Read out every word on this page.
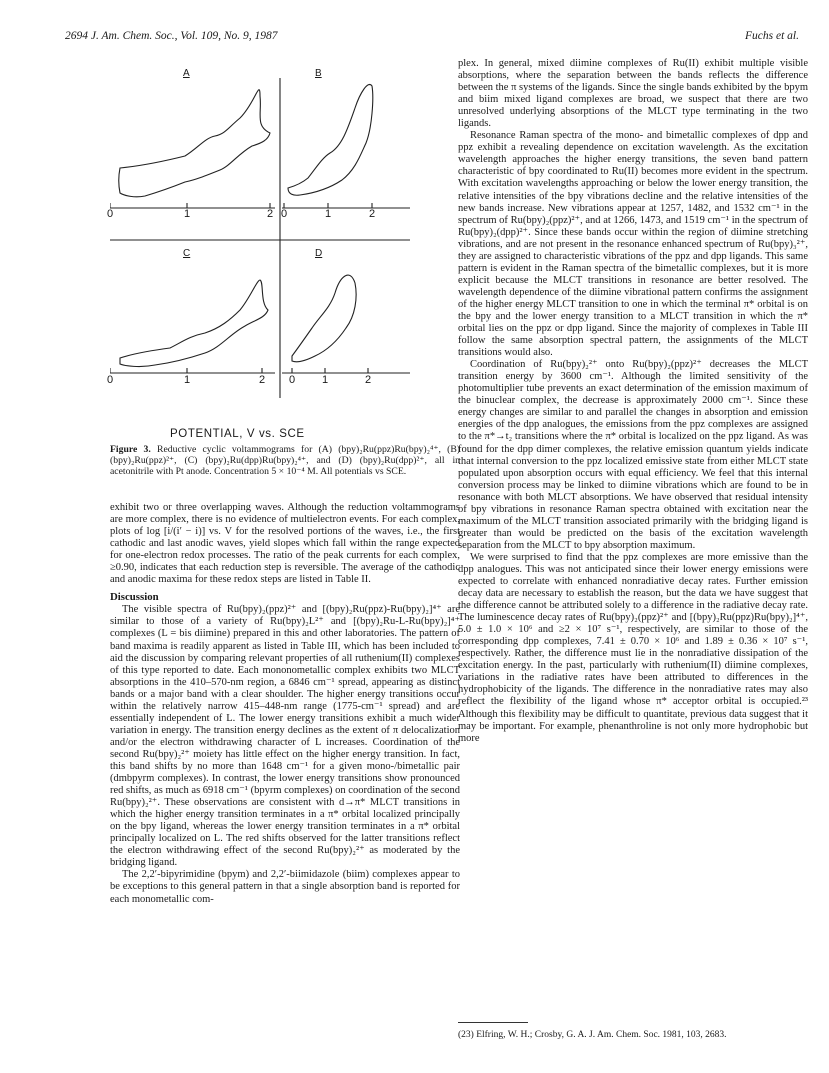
2694 J. Am. Chem. Soc., Vol. 109, No. 9, 1987	Fuchs et al.
A	B
C	D
0	1	2 0	1	2
0	1	2 0 1	2
POTENTIAL, V vs. SCE
Figure 3. Reductive cyclic voltammograms for (A) (bpy)₂Ru(ppz)Ru(bpy)₂⁴⁺, (B) (bpy)₂Ru(ppz)²⁺, (C) (bpy)₂Ru(dpp)Ru(bpy)₂⁴⁺, and (D) (bpy)₂Ru(dpp)²⁺, all in acetonitrile with Pt anode. Concentration 5 × 10⁻⁴ M. All potentials vs SCE.

exhibit two or three overlapping waves. Although the reduction voltammograms are more complex, there is no evidence of multielectron events. For each complex, plots of log [i/(i′ − i)] vs. V for the resolved portions of the waves, i.e., the first cathodic and last anodic waves, yield slopes which fall within the range expected for one-electron redox processes. The ratio of the peak currents for each complex, ≥0.90, indicates that each reduction step is reversible. The average of the cathodic and anodic maxima for these redox steps are listed in Table II.

Discussion

The visible spectra of Ru(bpy)₂(ppz)²⁺ and [(bpy)₂Ru(ppz)-Ru(bpy)₂]⁴⁺ are similar to those of a variety of Ru(bpy)₂L²⁺ and [(bpy)₂Ru-L-Ru(bpy)₂]⁴⁺ complexes (L = bis diimine) prepared in this and other laboratories. The pattern of band maxima is readily apparent as listed in Table III, which has been included to aid the discussion by comparing relevant properties of all ruthenium(II) complexes of this type reported to date. Each mononometallic complex exhibits two MLCT absorptions in the 410–570-nm region, a 6846 cm⁻¹ spread, appearing as distinct bands or a major band with a clear shoulder. The higher energy transitions occur within the relatively narrow 415–448-nm range (1775-cm⁻¹ spread) and are essentially independent of L. The lower energy transitions exhibit a much wider variation in energy. The transition energy declines as the extent of π delocalization and/or the electron withdrawing character of L increases. Coordination of the second Ru(bpy)₂²⁺ moiety has little effect on the higher energy transition. In fact, this band shifts by no more than 1648 cm⁻¹ for a given mono-/bimetallic pair (dmbpyrm complexes). In contrast, the lower energy transitions show pronounced red shifts, as much as 6918 cm⁻¹ (bpyrm complexes) on coordination of the second Ru(bpy)₂²⁺. These observations are consistent with d→π* MLCT transitions in which the higher energy transition terminates in a π* orbital localized principally on the bpy ligand, whereas the lower energy transition terminates in a π* orbital principally localized on L. The red shifts observed for the latter transitions reflect the electron withdrawing effect of the second Ru(bpy)₂²⁺ as moderated by the bridging ligand.

The 2,2′-bipyrimidine (bpym) and 2,2′-biimidazole (biim) complexes appear to be exceptions to this general pattern in that a single absorption band is reported for each monometallic com-

plex. In general, mixed diimine complexes of Ru(II) exhibit multiple visible absorptions, where the separation between the bands reflects the difference between the π systems of the ligands. Since the single bands exhibited by the bpym and biim mixed ligand complexes are broad, we suspect that there are two unresolved underlying absorptions of the MLCT type terminating in the two ligands.

Resonance Raman spectra of the mono- and bimetallic complexes of dpp and ppz exhibit a revealing dependence on excitation wavelength. As the excitation wavelength approaches the higher energy transitions, the seven band pattern characteristic of bpy coordinated to Ru(II) becomes more evident in the spectrum. With excitation wavelengths approaching or below the lower energy transition, the relative intensities of the bpy vibrations decline and the relative intensities of the new bands increase. New vibrations appear at 1257, 1482, and 1532 cm⁻¹ in the spectrum of Ru(bpy)₂(ppz)²⁺, and at 1266, 1473, and 1519 cm⁻¹ in the spectrum of Ru(bpy)₂(dpp)²⁺. Since these bands occur within the region of diimine stretching vibrations, and are not present in the resonance enhanced spectrum of Ru(bpy)₃²⁺, they are assigned to characteristic vibrations of the ppz and dpp ligands. This same pattern is evident in the Raman spectra of the bimetallic complexes, but it is more explicit because the MLCT transitions in resonance are better resolved. The wavelength dependence of the diimine vibrational pattern confirms the assignment of the higher energy MLCT transition to one in which the terminal π* orbital is on the bpy and the lower energy transition to a MLCT transition in which the π* orbital lies on the ppz or dpp ligand. Since the majority of complexes in Table III follow the same absorption spectral pattern, the assignments of the MLCT transitions would also.

Coordination of Ru(bpy)₂²⁺ onto Ru(bpy)₂(ppz)²⁺ decreases the MLCT transition energy by 3600 cm⁻¹. Although the limited sensitivity of the photomultiplier tube prevents an exact determination of the emission maximum of the binuclear complex, the decrease is approximately 2000 cm⁻¹. Since these energy changes are similar to and parallel the changes in absorption and emission energies of the dpp analogues, the emissions from the ppz complexes are assigned to the π*→t₂ transitions where the π* orbital is localized on the ppz ligand. As was found for the dpp dimer complexes, the relative emission quantum yields indicate that internal conversion to the ppz localized emissive state from either MLCT state populated upon absorption occurs with equal efficiency. We feel that this internal conversion process may be linked to diimine vibrations which are found to be in resonance with both MLCT absorptions. We have observed that residual intensity of bpy vibrations in resonance Raman spectra obtained with excitation near the maximum of the MLCT transition associated primarily with the bridging ligand is greater than would be predicted on the basis of the excitation wavelength separation from the MLCT to bpy absorption maximum.

We were surprised to find that the ppz complexes are more emissive than the dpp analogues. This was not anticipated since their lower energy emissions were expected to correlate with enhanced nonradiative decay rates. Further emission decay data are necessary to establish the reason, but the data we have suggest that the difference cannot be attributed solely to a difference in the radiative decay rate. The luminescence decay rates of Ru(bpy)₂(ppz)²⁺ and [(bpy)₂Ru(ppz)Ru(bpy)₂]⁴⁺, 5.0 ± 1.0 × 10⁶ and ≥2 × 10⁷ s⁻¹, respectively, are similar to those of the corresponding dpp complexes, 7.41 ± 0.70 × 10⁶ and 1.89 ± 0.36 × 10⁷ s⁻¹, respectively. Rather, the difference must lie in the nonradiative dissipation of the excitation energy. In the past, particularly with ruthenium(II) diimine complexes, variations in the radiative rates have been attributed to differences in the hydrophobicity of the ligands. The difference in the nonradiative rates may also reflect the flexibility of the ligand whose π* acceptor orbital is occupied.²³ Although this flexibility may be difficult to quantitate, previous data suggest that it may be important. For example, phenanthroline is not only more hydrophobic but more

(23) Elfring, W. H.; Crosby, G. A. J. Am. Chem. Soc. 1981, 103, 2683.
